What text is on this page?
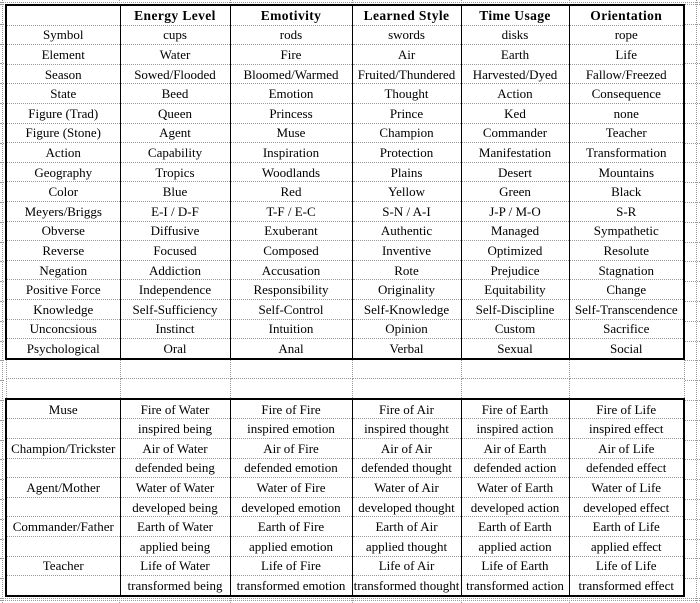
	Energy Level	Emotivity	Learned Style	Time Usage	Orientation
Symbol	cups	rods	swords	disks	rope
Element	Water	Fire	Air	Earth	Life
Season	Sowed/Flooded	Bloomed/Warmed	Fruited/Thundered	Harvested/Dyed	Fallow/Freezed
State	Beed	Emotion	Thought	Action	Consequence
Figure (Trad)	Queen	Princess	Prince	Ked	none
Figure (Stone)	Agent	Muse	Champion	Commander	Teacher
Action	Capability	Inspiration	Protection	Manifestation	Transformation
Geography	Tropics	Woodlands	Plains	Desert	Mountains
Color	Blue	Red	Yellow	Green	Black
Meyers/Briggs	E-I / D-F	T-F / E-C	S-N / A-I	J-P / M-O	S-R
Obverse	Diffusive	Exuberant	Authentic	Managed	Sympathetic
Reverse	Focused	Composed	Inventive	Optimized	Resolute
Negation	Addiction	Accusation	Rote	Prejudice	Stagnation
Positive Force	Independence	Responsibility	Originality	Equitability	Change
Knowledge	Self-Sufficiency	Self-Control	Self-Knowledge	Self-Discipline	Self-Transcendence
Unconcsious	Instinct	Intuition	Opinion	Custom	Sacrifice
Psychological	Oral	Anal	Verbal	Sexual	Social

Muse	Fire of Water	Fire of Fire	Fire of Air	Fire of Earth	Fire of Life
	inspired being	inspired emotion	inspired thought	inspired action	inspired effect
Champion/Trickster	Air of Water	Air of Fire	Air of Air	Air of Earth	Air of Life
	defended being	defended emotion	defended thought	defended action	defended effect
Agent/Mother	Water of Water	Water of Fire	Water of Air	Water of Earth	Water of Life
	developed being	developed emotion	developed thought	developed action	developed effect
Commander/Father	Earth of Water	Earth of Fire	Earth of Air	Earth of Earth	Earth of Life
	applied being	applied emotion	applied thought	applied action	applied effect
Teacher	Life of Water	Life of Fire	Life of Air	Life of Earth	Life of Life
	transformed being	transformed emotion	transformed thought	transformed action	transformed effect
